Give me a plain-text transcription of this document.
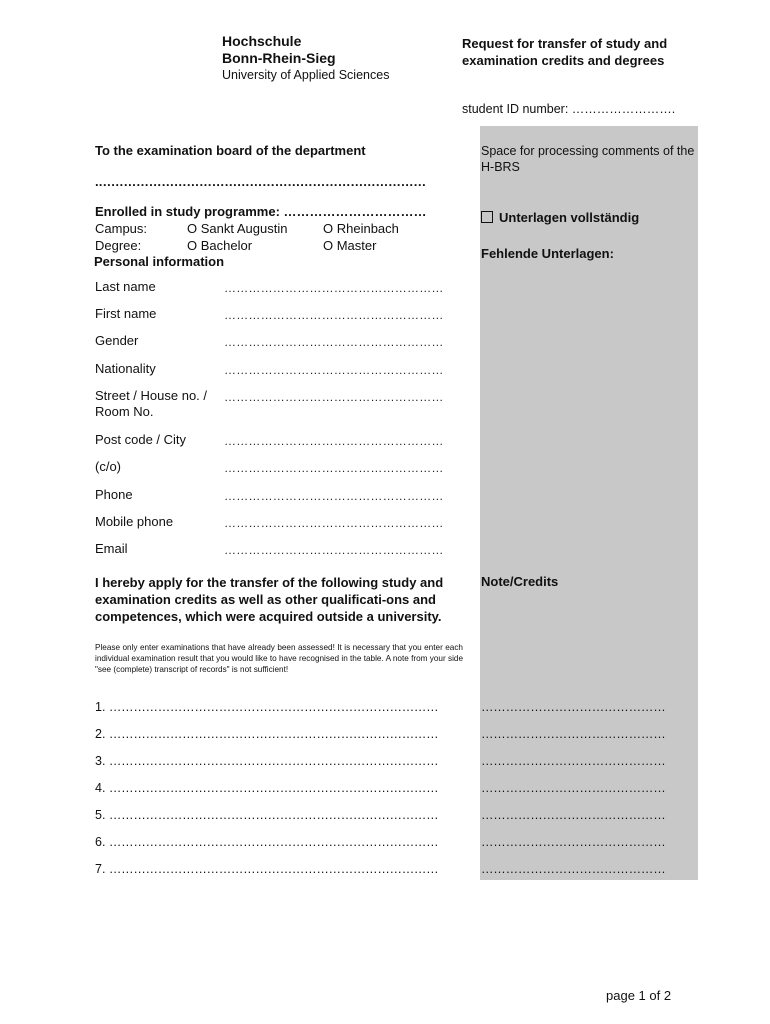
Hochschule
Bonn-Rhein-Sieg
University of Applied Sciences
Request for transfer of study and examination credits and degrees
student ID number: …………………….
To the examination board of the department
.……………………………………………………………………
Space for processing comments of the H-BRS
Enrolled in study programme: ……………………………
Campus:	O Sankt Augustin	O Rheinbach
Degree:	O Bachelor	O Master
Unterlagen vollständig
Fehlende Unterlagen:
Personal information
Last name	………………………………………………
First name	………………………………………………
Gender	………………………………………………
Nationality	………………………………………………
Street / House no. / Room No.
………………………………………………
Post code / City	………………………………………………
(c/o)	………………………………………………
Phone	………………………………………………
Mobile phone	………………………………………………
Email	………………………………………………
I hereby apply for the transfer of the following study and examination credits as well as other qualificati-ons and competences, which were acquired outside a university.
Note/Credits
Please only enter examinations that have already been assessed! It is necessary that you enter each individual examination result that you would like to have recognised in the table. A note from your side "see (complete) transcript of records" is not sufficient!
1. ………………………………………………………………………	………………………………………
2. ………………………………………………………………………	………………………………………
3. ………………………………………………………………………	………………………………………
4. ………………………………………………………………………	………………………………………
5. ………………………………………………………………………	………………………………………
6. ………………………………………………………………………	………………………………………
7. ………………………………………………………………………	………………………………………
page 1 of 2
